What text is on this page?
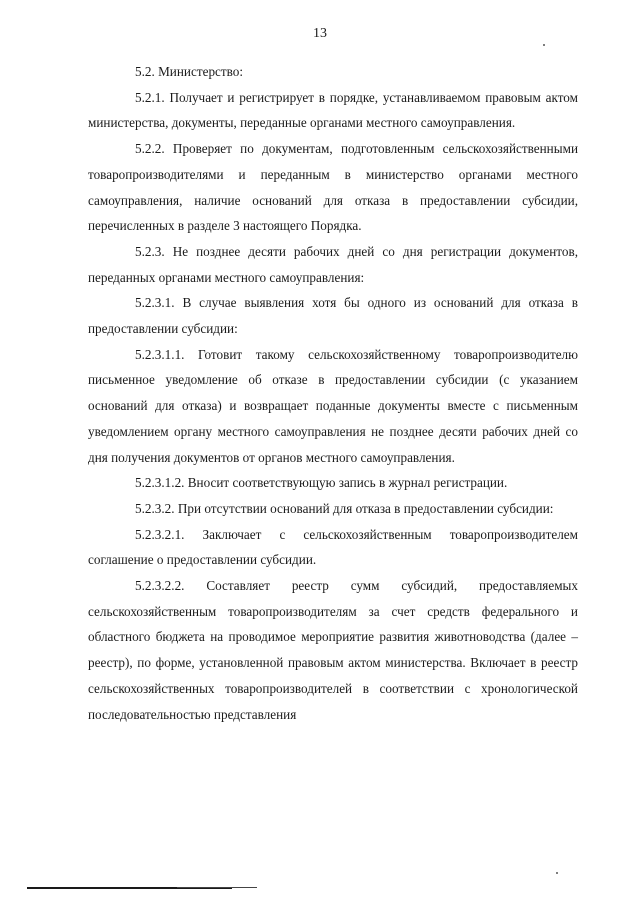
13

5.2. Министерство:

5.2.1. Получает и регистрирует в порядке, устанавливаемом правовым актом министерства, документы, переданные органами местного самоуправления.

5.2.2. Проверяет по документам, подготовленным сельскохозяйственными товаропроизводителями и переданным в министерство органами местного самоуправления, наличие оснований для отказа в предоставлении субсидии, перечисленных в разделе 3 настоящего Порядка.

5.2.3. Не позднее десяти рабочих дней со дня регистрации документов, переданных органами местного самоуправления:

5.2.3.1. В случае выявления хотя бы одного из оснований для отказа в предоставлении субсидии:

5.2.3.1.1. Готовит такому сельскохозяйственному товаропроизводителю письменное уведомление об отказе в предоставлении субсидии (с указанием оснований для отказа) и возвращает поданные документы вместе с письменным уведомлением органу местного самоуправления не позднее десяти рабочих дней со дня получения документов от органов местного самоуправления.

5.2.3.1.2. Вносит соответствующую запись в журнал регистрации.

5.2.3.2. При отсутствии оснований для отказа в предоставлении субсидии:

5.2.3.2.1. Заключает с сельскохозяйственным товаропроизводителем соглашение о предоставлении субсидии.

5.2.3.2.2. Составляет реестр сумм субсидий, предоставляемых сельскохозяйственным товаропроизводителям за счет средств федерального и областного бюджета на проводимое мероприятие развития животноводства (далее – реестр), по форме, установленной правовым актом министерства. Включает в реестр сельскохозяйственных товаропроизводителей в соответствии с хронологической последовательностью представления
